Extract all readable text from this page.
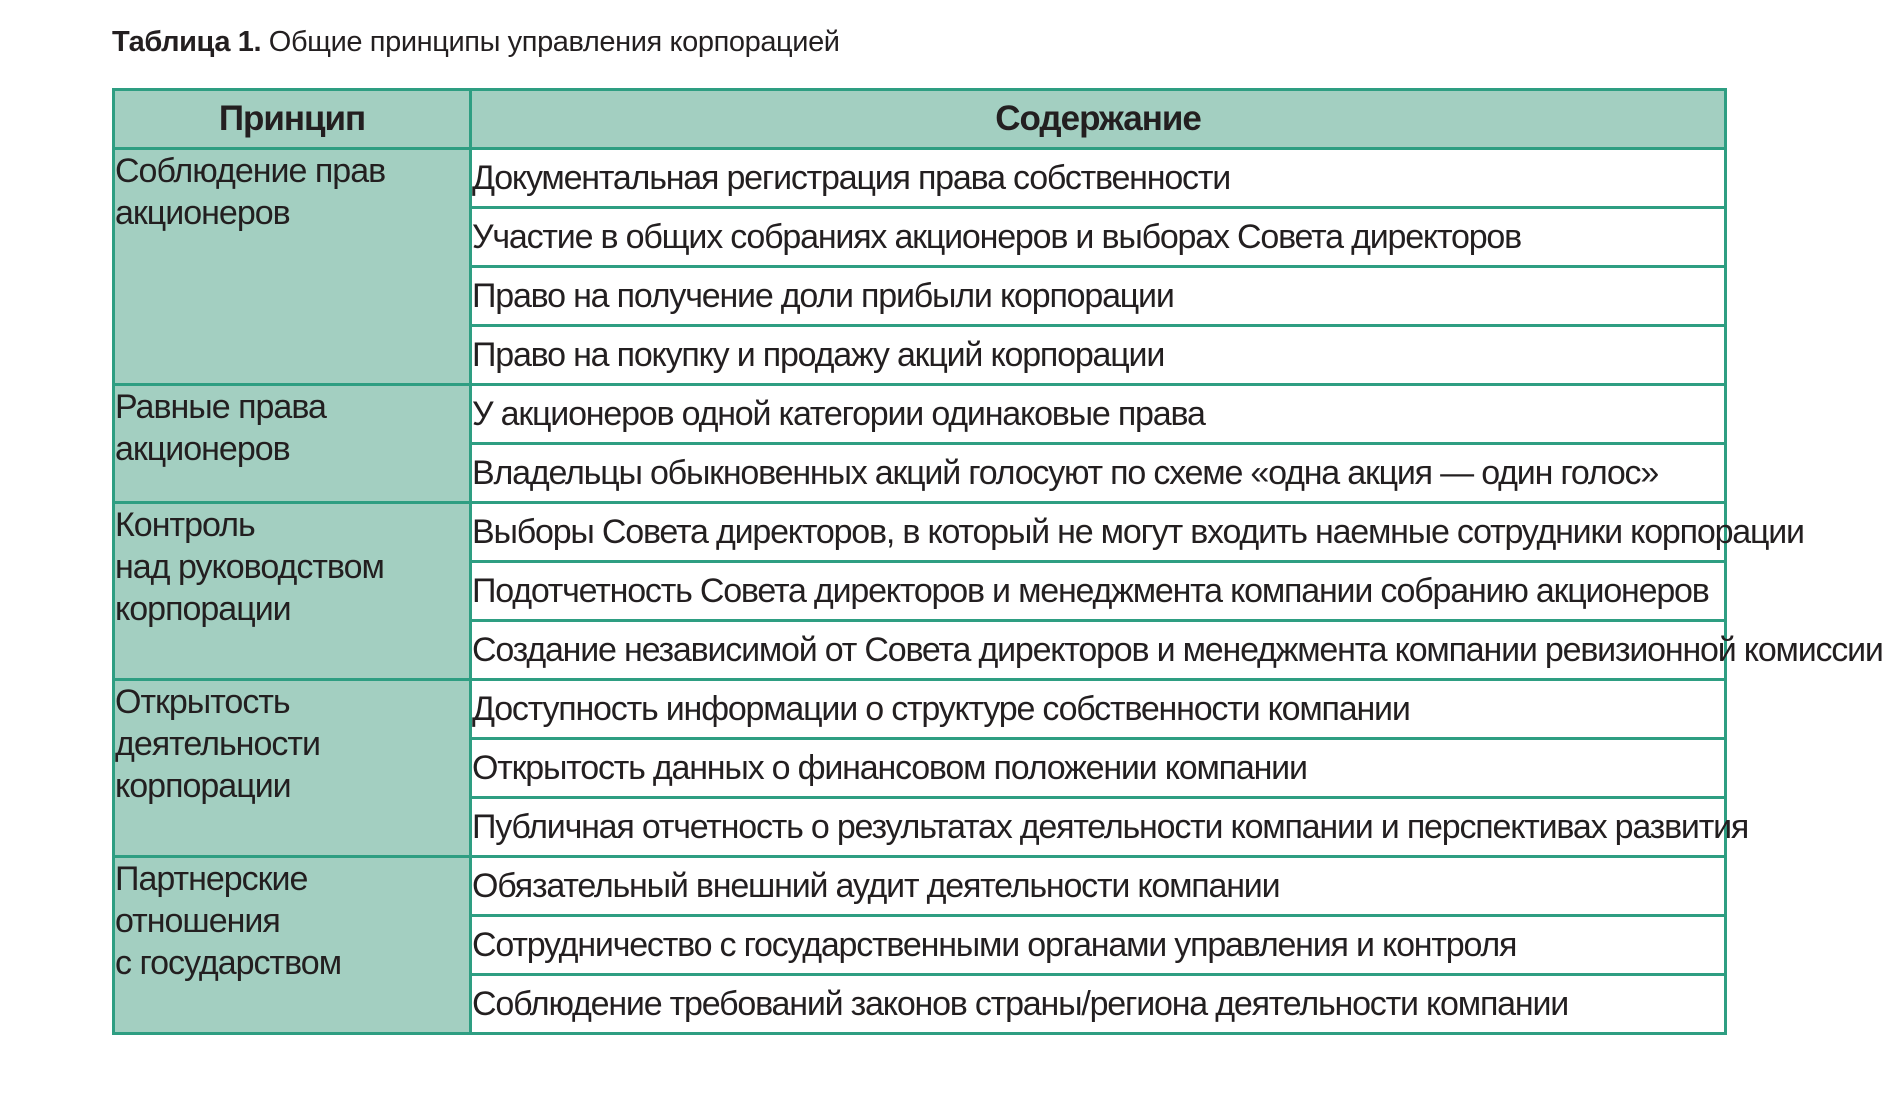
Таблица 1. Общие принципы управления корпорацией
Принцип	Содержание
Соблюдение прав
акционеров	Документальная регистрация права собственности
	Участие в общих собраниях акционеров и выборах Совета директоров
	Право на получение доли прибыли корпорации
	Право на покупку и продажу акций корпорации
Равные права
акционеров	У акционеров одной категории одинаковые права
	Владельцы обыкновенных акций голосуют по схеме «одна акция — один голос»
Контроль
над руководством
корпорации	Выборы Совета директоров, в который не могут входить наемные сотрудники корпорации
	Подотчетность Совета директоров и менеджмента компании собранию акционеров
	Создание независимой от Совета директоров и менеджмента компании ревизионной комиссии
Открытость
деятельности
корпорации	Доступность информации о структуре собственности компании
	Открытость данных о финансовом положении компании
	Публичная отчетность о результатах деятельности компании и перспективах развития
Партнерские отношения
с государством	Обязательный внешний аудит деятельности компании
	Сотрудничество с государственными органами управления и контроля
	Соблюдение требований законов страны/региона деятельности компании
